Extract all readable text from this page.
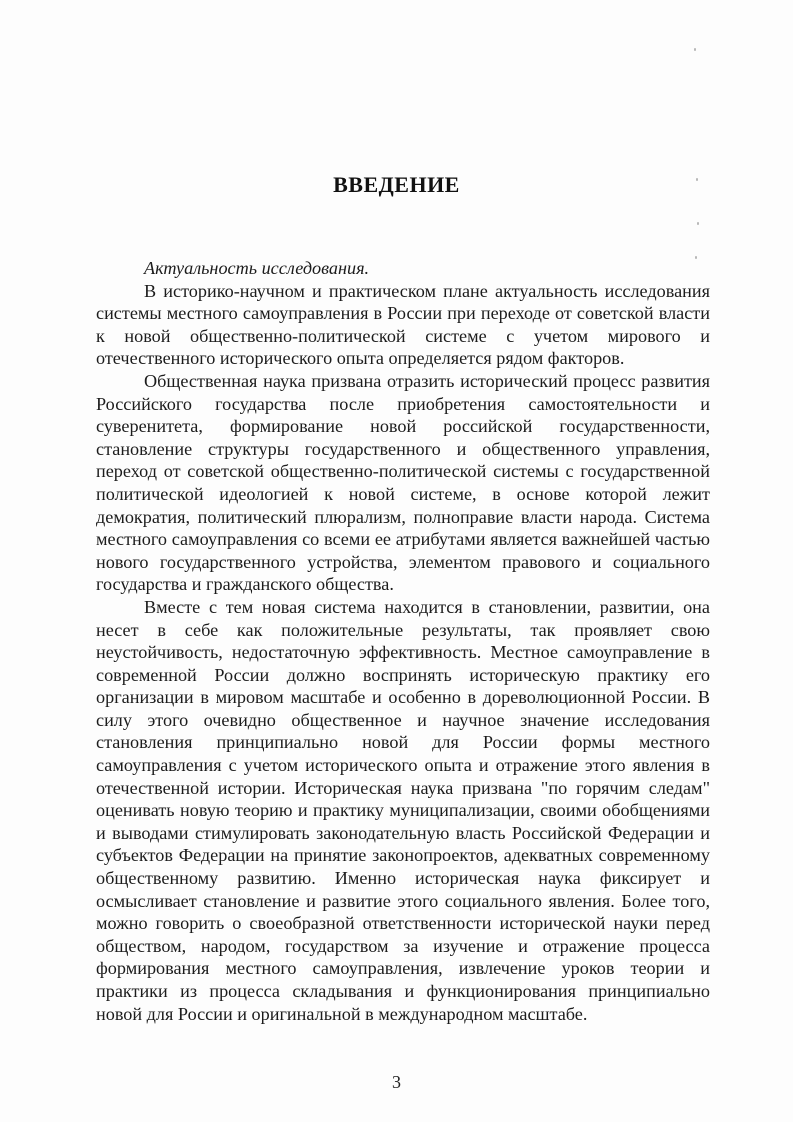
ВВЕДЕНИЕ

Актуальность исследования.

В историко-научном и практическом плане актуальность исследования системы местного самоуправления в России при переходе от советской власти к новой общественно-политической системе с учетом мирового и отечественного исторического опыта определяется рядом факторов.

Общественная наука призвана отразить исторический процесс развития Российского государства после приобретения самостоятельности и суверенитета, формирование новой российской государственности, становление структуры государственного и общественного управления, переход от советской общественно-политической системы с государственной политической идеологией к новой системе, в основе которой лежит демократия, политический плюрализм, полноправие власти народа. Система местного самоуправления со всеми ее атрибутами является важнейшей частью нового государственного устройства, элементом правового и социального государства и гражданского общества.

Вместе с тем новая система находится в становлении, развитии, она несет в себе как положительные результаты, так проявляет свою неустойчивость, недостаточную эффективность. Местное самоуправление в современной России должно воспринять историческую практику его организации в мировом масштабе и особенно в дореволюционной России. В силу этого очевидно общественное и научное значение исследования становления принципиально новой для России формы местного самоуправления с учетом исторического опыта и отражение этого явления в отечественной истории. Историческая наука призвана "по горячим следам" оценивать новую теорию и практику муниципализации, своими обобщениями и выводами стимулировать законодательную власть Российской Федерации и субъектов Федерации на принятие законопроектов, адекватных современному общественному развитию. Именно историческая наука фиксирует и осмысливает становление и развитие этого социального явления. Более того, можно говорить о своеобразной ответственности исторической науки перед обществом, народом, государством за изучение и отражение процесса формирования местного самоуправления, извлечение уроков теории и практики из процесса складывания и функционирования принципиально новой для России и оригинальной в международном масштабе.

3
